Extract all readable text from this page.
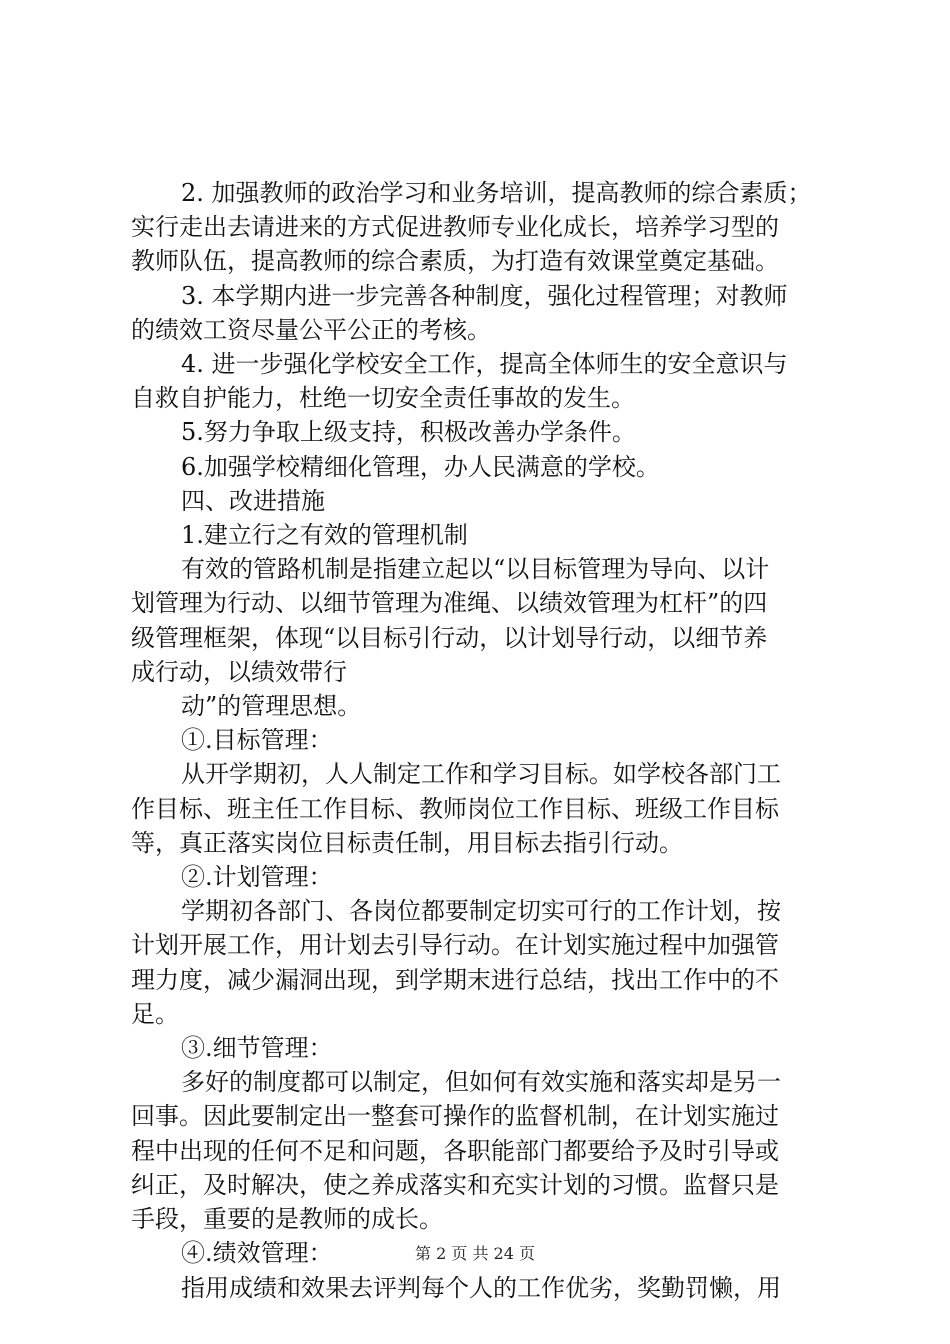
2. 加强教师的政治学习和业务培训，提高教师的综合素质；
实行走出去请进来的方式促进教师专业化成长，培养学习型的
教师队伍，提高教师的综合素质，为打造有效课堂奠定基础。
3. 本学期内进一步完善各种制度，强化过程管理；对教师
的绩效工资尽量公平公正的考核。
4. 进一步强化学校安全工作，提高全体师生的安全意识与
自救自护能力，杜绝一切安全责任事故的发生。
5.努力争取上级支持，积极改善办学条件。
6.加强学校精细化管理，办人民满意的学校。
四、改进措施
1.建立行之有效的管理机制
有效的管路机制是指建立起以“以目标管理为导向、以计
划管理为行动、以细节管理为准绳、以绩效管理为杠杆”的四
级管理框架，体现“以目标引行动，以计划导行动，以细节养
成行动，以绩效带行
动”的管理思想。
①.目标管理：
从开学期初，人人制定工作和学习目标。如学校各部门工
作目标、班主任工作目标、教师岗位工作目标、班级工作目标
等，真正落实岗位目标责任制，用目标去指引行动。
②.计划管理：
学期初各部门、各岗位都要制定切实可行的工作计划，按
计划开展工作，用计划去引导行动。在计划实施过程中加强管
理力度，减少漏洞出现，到学期末进行总结，找出工作中的不
足。
③.细节管理：
多好的制度都可以制定，但如何有效实施和落实却是另一
回事。因此要制定出一整套可操作的监督机制，在计划实施过
程中出现的任何不足和问题，各职能部门都要给予及时引导或
纠正，及时解决，使之养成落实和充实计划的习惯。监督只是
手段，重要的是教师的成长。
④.绩效管理：
指用成绩和效果去评判每个人的工作优劣，奖勤罚懒，用
第 2 页 共 24 页
